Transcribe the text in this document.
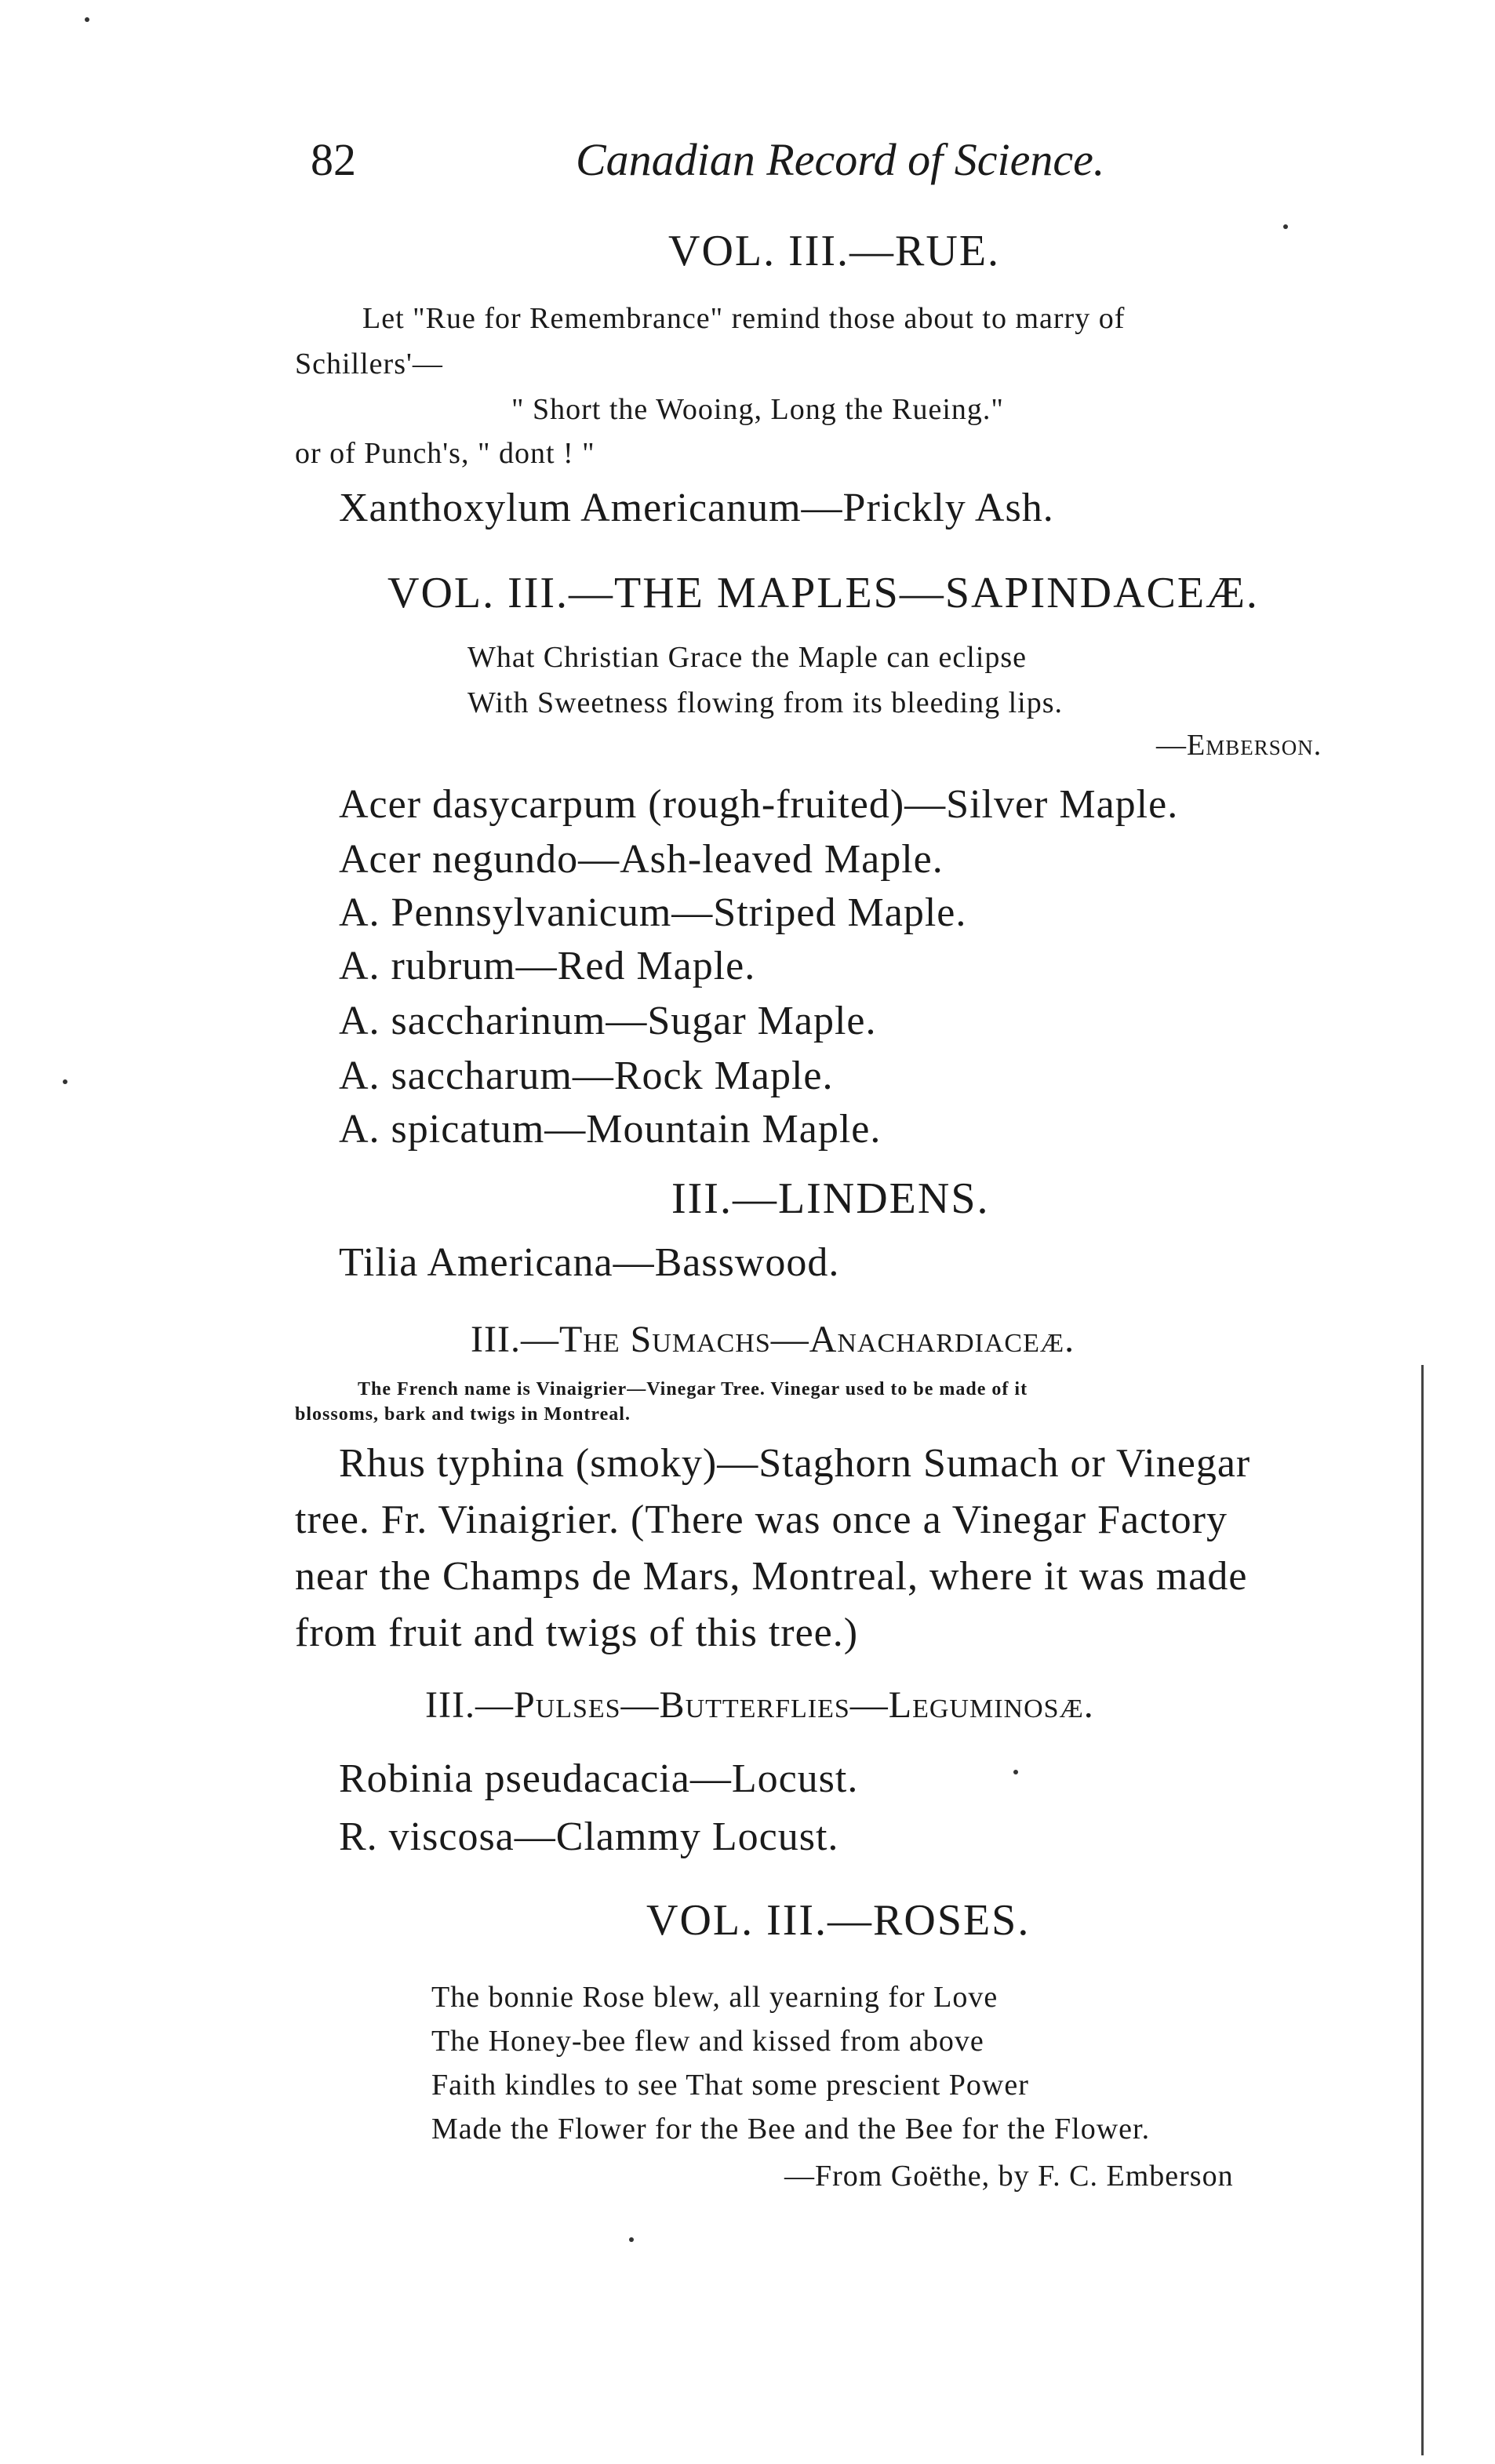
82	Canadian Record of Science.
VOL. III.—RUE.
Let "Rue for Remembrance" remind those about to marry of
Schillers'—
" Short the Wooing, Long the Rueing."
or of Punch's, " dont ! "
Xanthoxylum Americanum—Prickly Ash.
VOL. III.—THE MAPLES—SAPINDACEÆ.
What Christian Grace the Maple can eclipse
With Sweetness flowing from its bleeding lips.
—Emberson.
Acer dasycarpum (rough-fruited)—Silver Maple.
Acer negundo—Ash-leaved Maple.
A. Pennsylvanicum—Striped Maple.
A. rubrum—Red Maple.
A. saccharinum—Sugar Maple.
A. saccharum—Rock Maple.
A. spicatum—Mountain Maple.
III.—LINDENS.
Tilia Americana—Basswood.
III.—The Sumachs—Anachardiaceæ.
The French name is Vinaigrier—Vinegar Tree. Vinegar used to be made of it
blossoms, bark and twigs in Montreal.
Rhus typhina (smoky)—Staghorn Sumach or Vinegar
tree. Fr. Vinaigrier. (There was once a Vinegar Factory
near the Champs de Mars, Montreal, where it was made
from fruit and twigs of this tree.)
III.—Pulses—Butterflies—Leguminosæ.
Robinia pseudacacia—Locust.
R. viscosa—Clammy Locust.
VOL. III.—ROSES.
The bonnie Rose blew, all yearning for Love
The Honey-bee flew and kissed from above
Faith kindles to see That some prescient Power
Made the Flower for the Bee and the Bee for the Flower.
—From Goëthe, by F. C. Emberson
